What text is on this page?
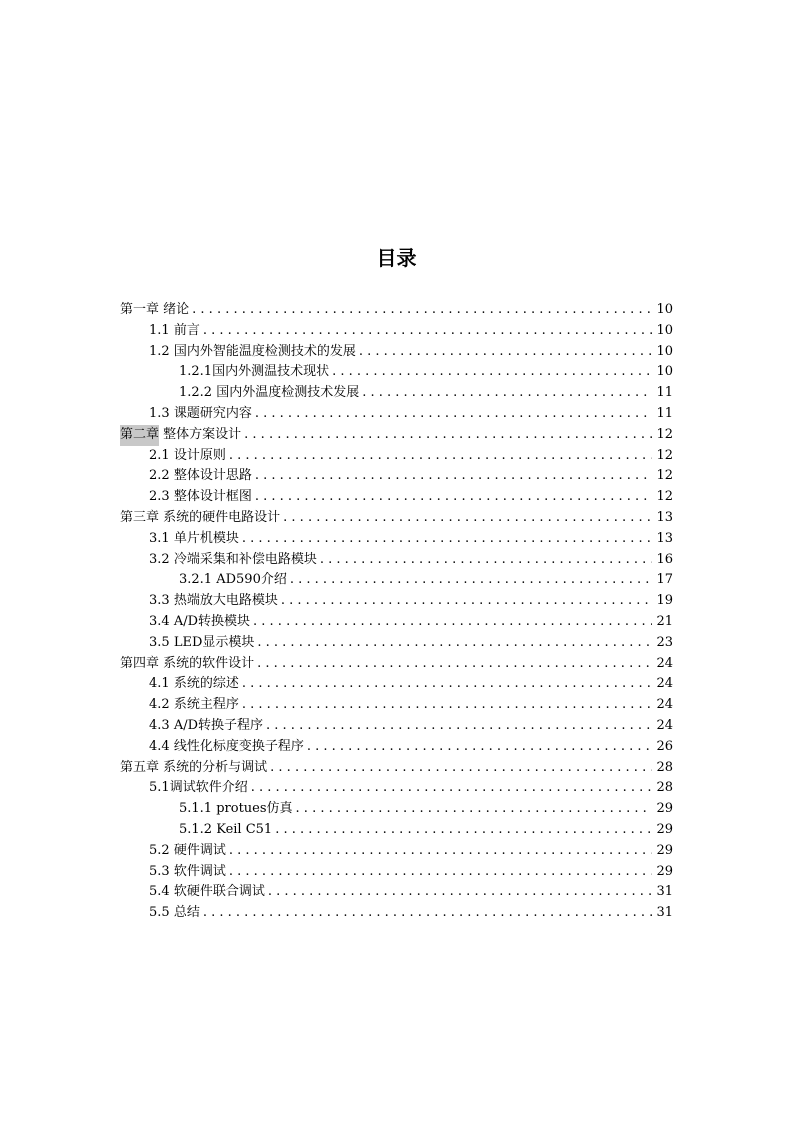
目录
第一章 绪论 . . .	10
1.1 前言 . . .	10
1.2 国内外智能温度检测技术的发展 . . .	10
1.2.1 国内外测温技术现状 . . .	10
1.2.2 国内外温度检测技术发展 . . .	11
1.3 课题研究内容 . . .	11
第二章 整体方案设计 . . .	12
2.1 设计原则 . . .	12
2.2 整体设计思路 . . .	12
2.3 整体设计框图 . . .	12
第三章 系统的硬件电路设计 . . .	13
3.1 单片机模块 . . .	13
3.2 冷端采集和补偿电路模块 . . .	16
3.2.1 AD590介绍 . . .	17
3.3 热端放大电路模块 . . .	19
3.4 A/D转换模块 . . .	21
3.5 LED显示模块 . . .	23
第四章 系统的软件设计 . . .	24
4.1 系统的综述 . . .	24
4.2 系统主程序 . . .	24
4.3 A/D转换子程序 . . .	24
4.4 线性化标度变换子程序 . . .	26
第五章 系统的分析与调试 . . .	28
5.1 调试软件介绍 . . .	28
5.1.1 protues仿真 . . .	29
5.1.2 Keil C51 . . .	29
5.2 硬件调试 . . .	29
5.3 软件调试 . . .	29
5.4 软硬件联合调试 . . .	31
5.5 总结 . . .	31
